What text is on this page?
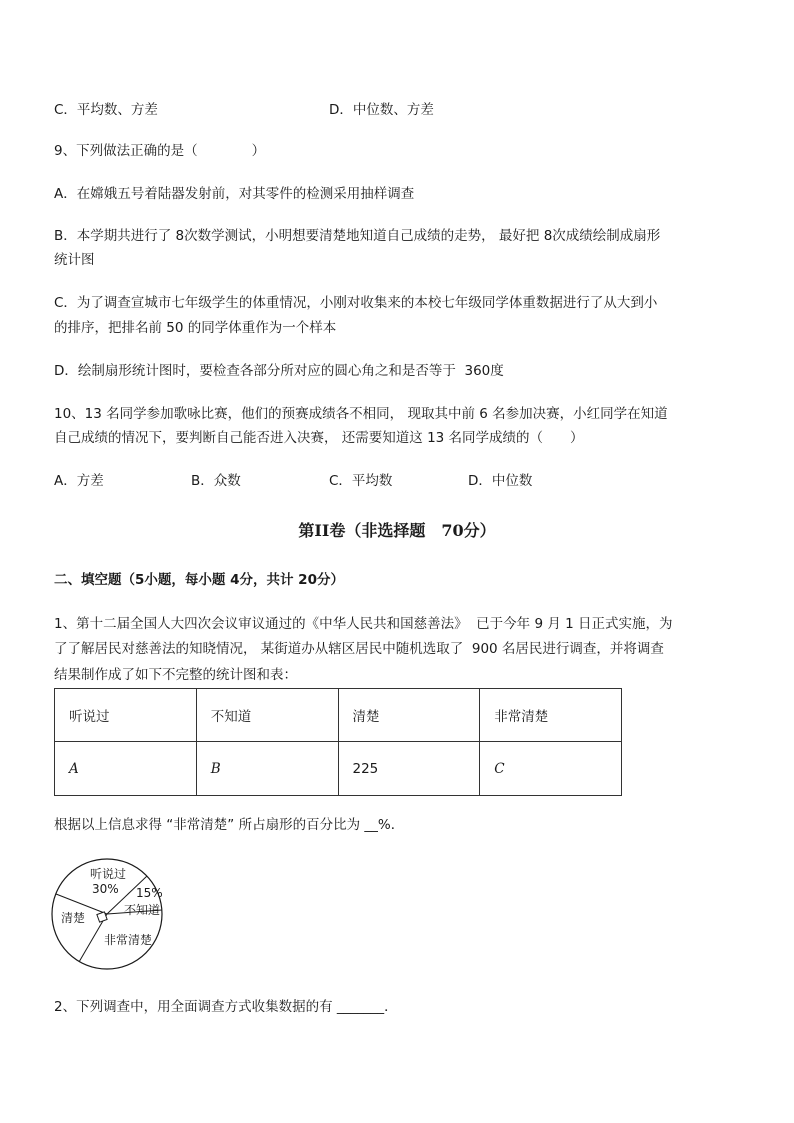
C．平均数、方差	D．中位数、方差
9、下列做法正确的是（　　　　）
A．在嫦娥五号着陆器发射前，对其零件的检测采用抽样调查
B．本学期共进行了 8次数学测试，小明想要清楚地知道自己成绩的走势， 最好把 8次成绩绘制成扇形
统计图
C．为了调查宣城市七年级学生的体重情况，小刚对收集来的本校七年级同学体重数据进行了从大到小
的排序，把排名前 50 的同学体重作为一个样本
D．绘制扇形统计图时，要检查各部分所对应的圆心角之和是否等于  360度
10、13 名同学参加歌咏比赛，他们的预赛成绩各不相同， 现取其中前 6 名参加决赛，小红同学在知道
自己成绩的情况下，要判断自己能否进入决赛， 还需要知道这 13 名同学成绩的（　　）
A．方差	B．众数	C．平均数	D．中位数
第II卷（非选择题　70分）
二、填空题（5小题，每小题 4分，共计 20分）
1、第十二届全国人大四次会议审议通过的《中华人民共和国慈善法》  已于今年 9 月 1 日正式实施，为
了了解居民对慈善法的知晓情况， 某街道办从辖区居民中随机选取了  900 名居民进行调查，并将调查
结果制作成了如下不完整的统计图和表：
听说过	不知道	清楚	非常清楚
A	B	225	C
根据以上信息求得 “非常清楚” 所占扇形的百分比为 __%．
听说过
30% 15%
不知道
清楚
非常清楚
2、下列调查中，用全面调查方式收集数据的有 _______．
